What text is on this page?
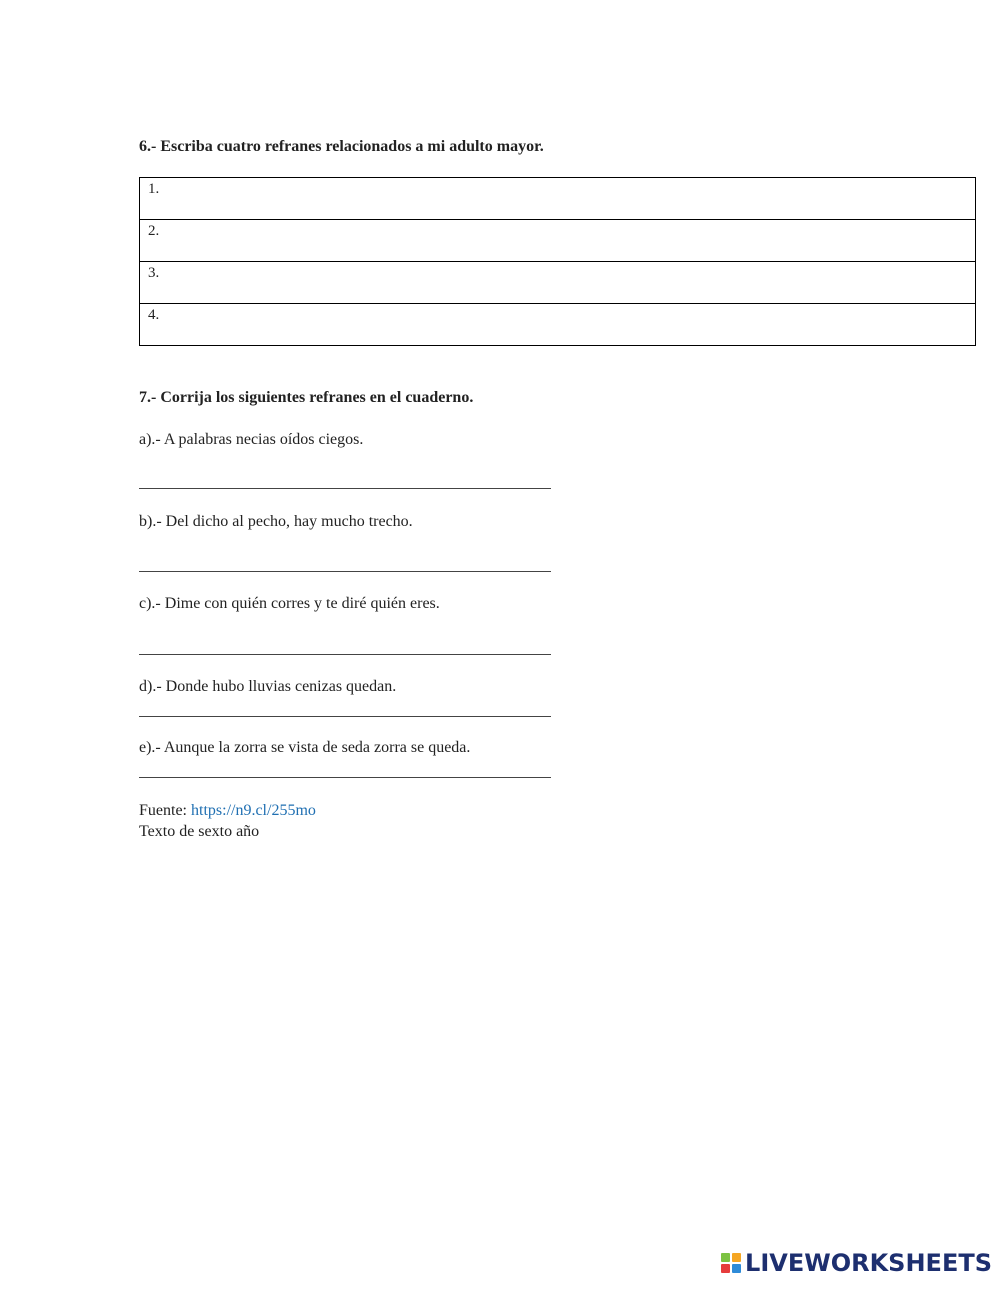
6.- Escriba cuatro refranes relacionados a mi adulto mayor.

1.
2.
3.
4.

7.- Corrija los siguientes refranes en el cuaderno.

a).- A palabras necias oídos ciegos.

b).- Del dicho al pecho, hay mucho trecho.

c).- Dime con quién corres y te diré quién eres.

d).- Donde hubo lluvias cenizas quedan.

e).- Aunque la zorra se vista de seda zorra se queda.

Fuente: https://n9.cl/255mo
Texto de sexto año
LIVEWORKSHEETS
